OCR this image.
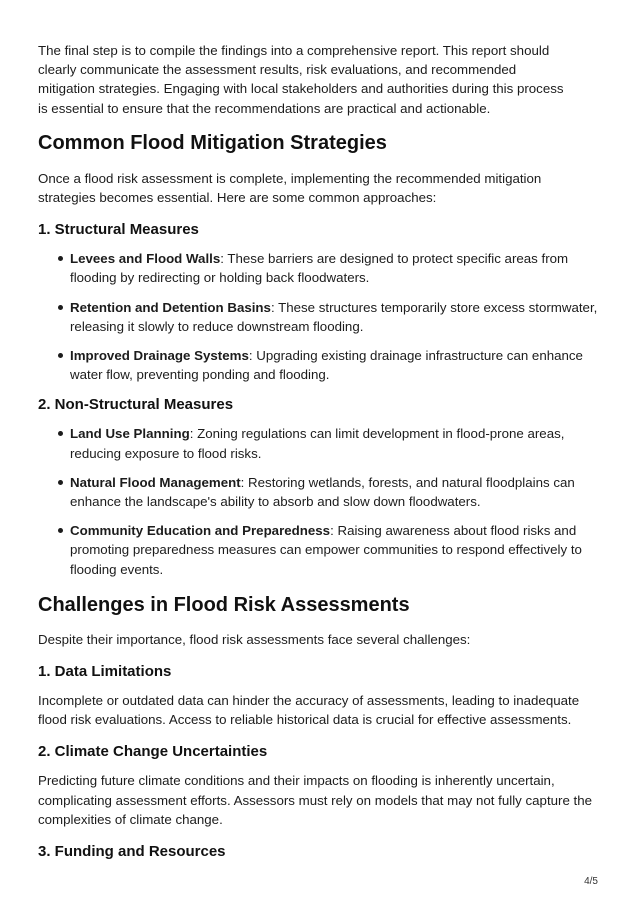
The final step is to compile the findings into a comprehensive report. This report should clearly communicate the assessment results, risk evaluations, and recommended mitigation strategies. Engaging with local stakeholders and authorities during this process is essential to ensure that the recommendations are practical and actionable.

Common Flood Mitigation Strategies

Once a flood risk assessment is complete, implementing the recommended mitigation strategies becomes essential. Here are some common approaches:

1. Structural Measures
Levees and Flood Walls: These barriers are designed to protect specific areas from flooding by redirecting or holding back floodwaters.
Retention and Detention Basins: These structures temporarily store excess stormwater, releasing it slowly to reduce downstream flooding.
Improved Drainage Systems: Upgrading existing drainage infrastructure can enhance water flow, preventing ponding and flooding.
2. Non-Structural Measures
Land Use Planning: Zoning regulations can limit development in flood-prone areas, reducing exposure to flood risks.
Natural Flood Management: Restoring wetlands, forests, and natural floodplains can enhance the landscape's ability to absorb and slow down floodwaters.
Community Education and Preparedness: Raising awareness about flood risks and promoting preparedness measures can empower communities to respond effectively to flooding events.
Challenges in Flood Risk Assessments

Despite their importance, flood risk assessments face several challenges:

1. Data Limitations

Incomplete or outdated data can hinder the accuracy of assessments, leading to inadequate flood risk evaluations. Access to reliable historical data is crucial for effective assessments.

2. Climate Change Uncertainties

Predicting future climate conditions and their impacts on flooding is inherently uncertain, complicating assessment efforts. Assessors must rely on models that may not fully capture the complexities of climate change.

3. Funding and Resources
4/5
